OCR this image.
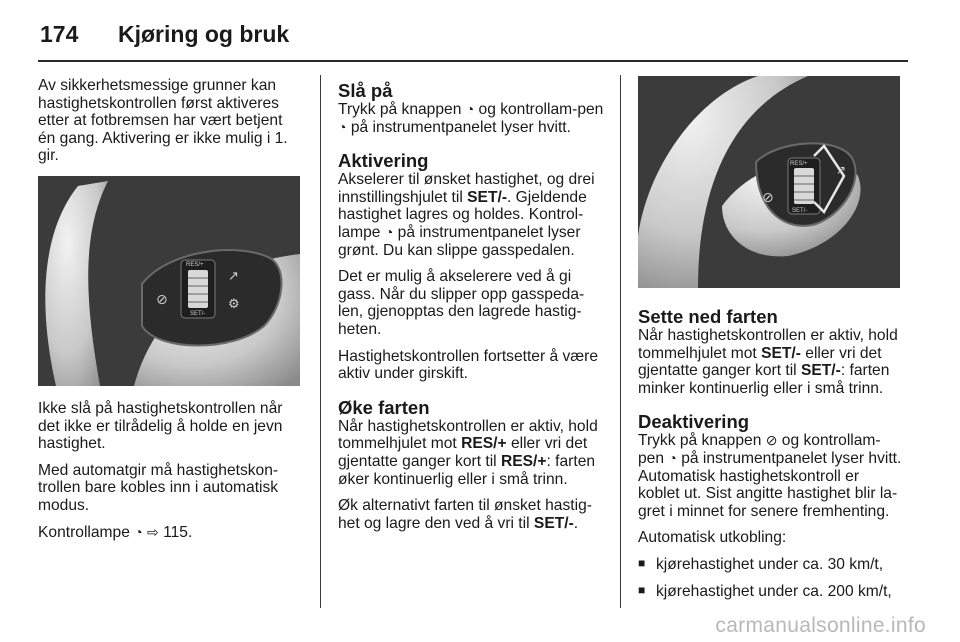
174	Kjøring og bruk

Av sikkerhetsmessige grunner kan hastighetskontrollen først aktiveres etter at fotbremsen har vært betjent én gang. Aktivering er ikke mulig i 1. gir.

RES/+
SET/-
⊘
↗
⚙

Ikke slå på hastighetskontrollen når det ikke er tilrådelig å holde en jevn hastighet.

Med automatgir må hastighetskon-trollen bare kobles inn i automatisk modus.

Kontrollampe ◔ ⇨ 115.

Slå på

Trykk på knappen ◔ og kontrollam-pen ◔ på instrumentpanelet lyser hvitt.

Aktivering

Akselerer til ønsket hastighet, og drei innstillingshjulet til SET/-. Gjeldende hastighet lagres og holdes. Kontrol-lampe ◔ på instrumentpanelet lyser grønt. Du kan slippe gasspedalen.

Det er mulig å akselerere ved å gi gass. Når du slipper opp gasspeda-len, gjenopptas den lagrede hastig-heten.

Hastighetskontrollen fortsetter å være aktiv under girskift.

Øke farten

Når hastighetskontrollen er aktiv, hold tommelhjulet mot RES/+ eller vri det gjentatte ganger kort til RES/+: farten øker kontinuerlig eller i små trinn.

Øk alternativt farten til ønsket hastig-het og lagre den ved å vri til SET/-.

RES/+
SET/-
⊘
↗
Sette ned farten

Når hastighetskontrollen er aktiv, hold tommelhjulet mot SET/- eller vri det gjentatte ganger kort til SET/-: farten minker kontinuerlig eller i små trinn.

Deaktivering

Trykk på knappen ⊘ og kontrollam-pen ◔ på instrumentpanelet lyser hvitt. Automatisk hastighetskontroll er koblet ut. Sist angitte hastighet blir la-gret i minnet for senere fremhenting.

Automatisk utkobling:

■ kjørehastighet under ca. 30 km/t,
■ kjørehastighet under ca. 200 km/t,
carmanualsonline.info
